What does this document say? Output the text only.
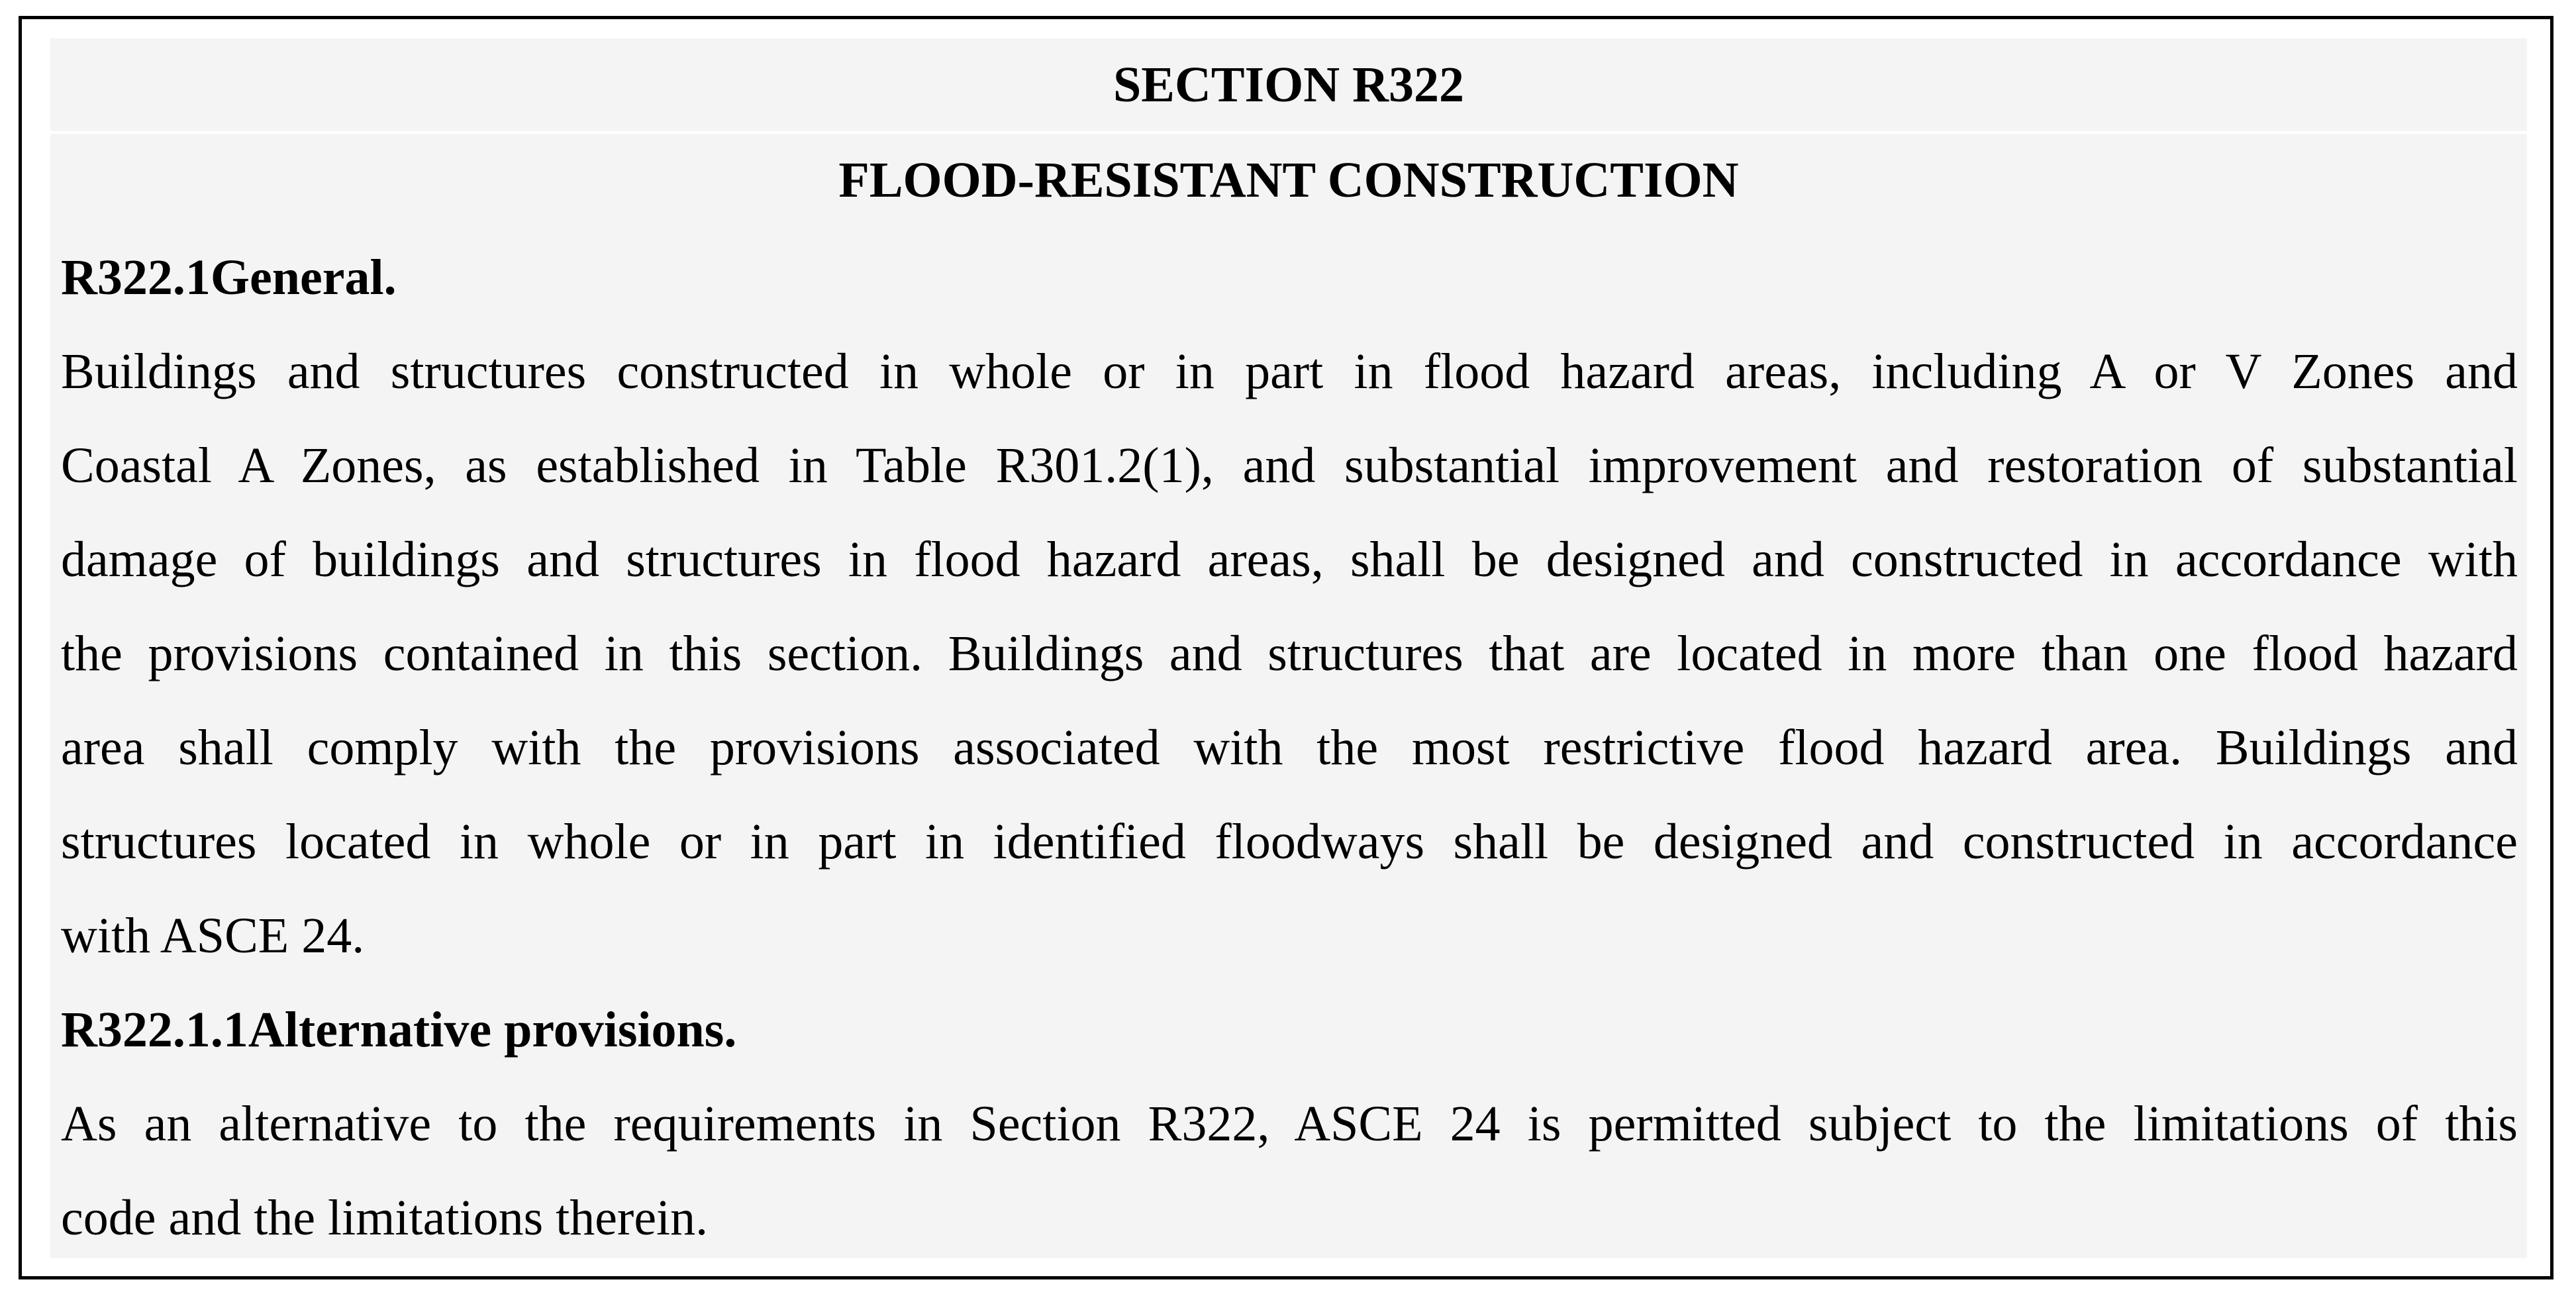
SECTION R322
FLOOD-RESISTANT CONSTRUCTION
R322.1General.
Buildings and structures constructed in whole or in part in flood hazard areas, including A or V Zones and
Coastal A Zones, as established in Table R301.2(1), and substantial improvement and restoration of substantial
damage of buildings and structures in flood hazard areas, shall be designed and constructed in accordance with
the provisions contained in this section. Buildings and structures that are located in more than one flood hazard
area shall comply with the provisions associated with the most restrictive flood hazard area. Buildings and
structures located in whole or in part in identified floodways shall be designed and constructed in accordance
with ASCE 24.
R322.1.1Alternative provisions.
As an alternative to the requirements in Section R322, ASCE 24 is permitted subject to the limitations of this
code and the limitations therein.
